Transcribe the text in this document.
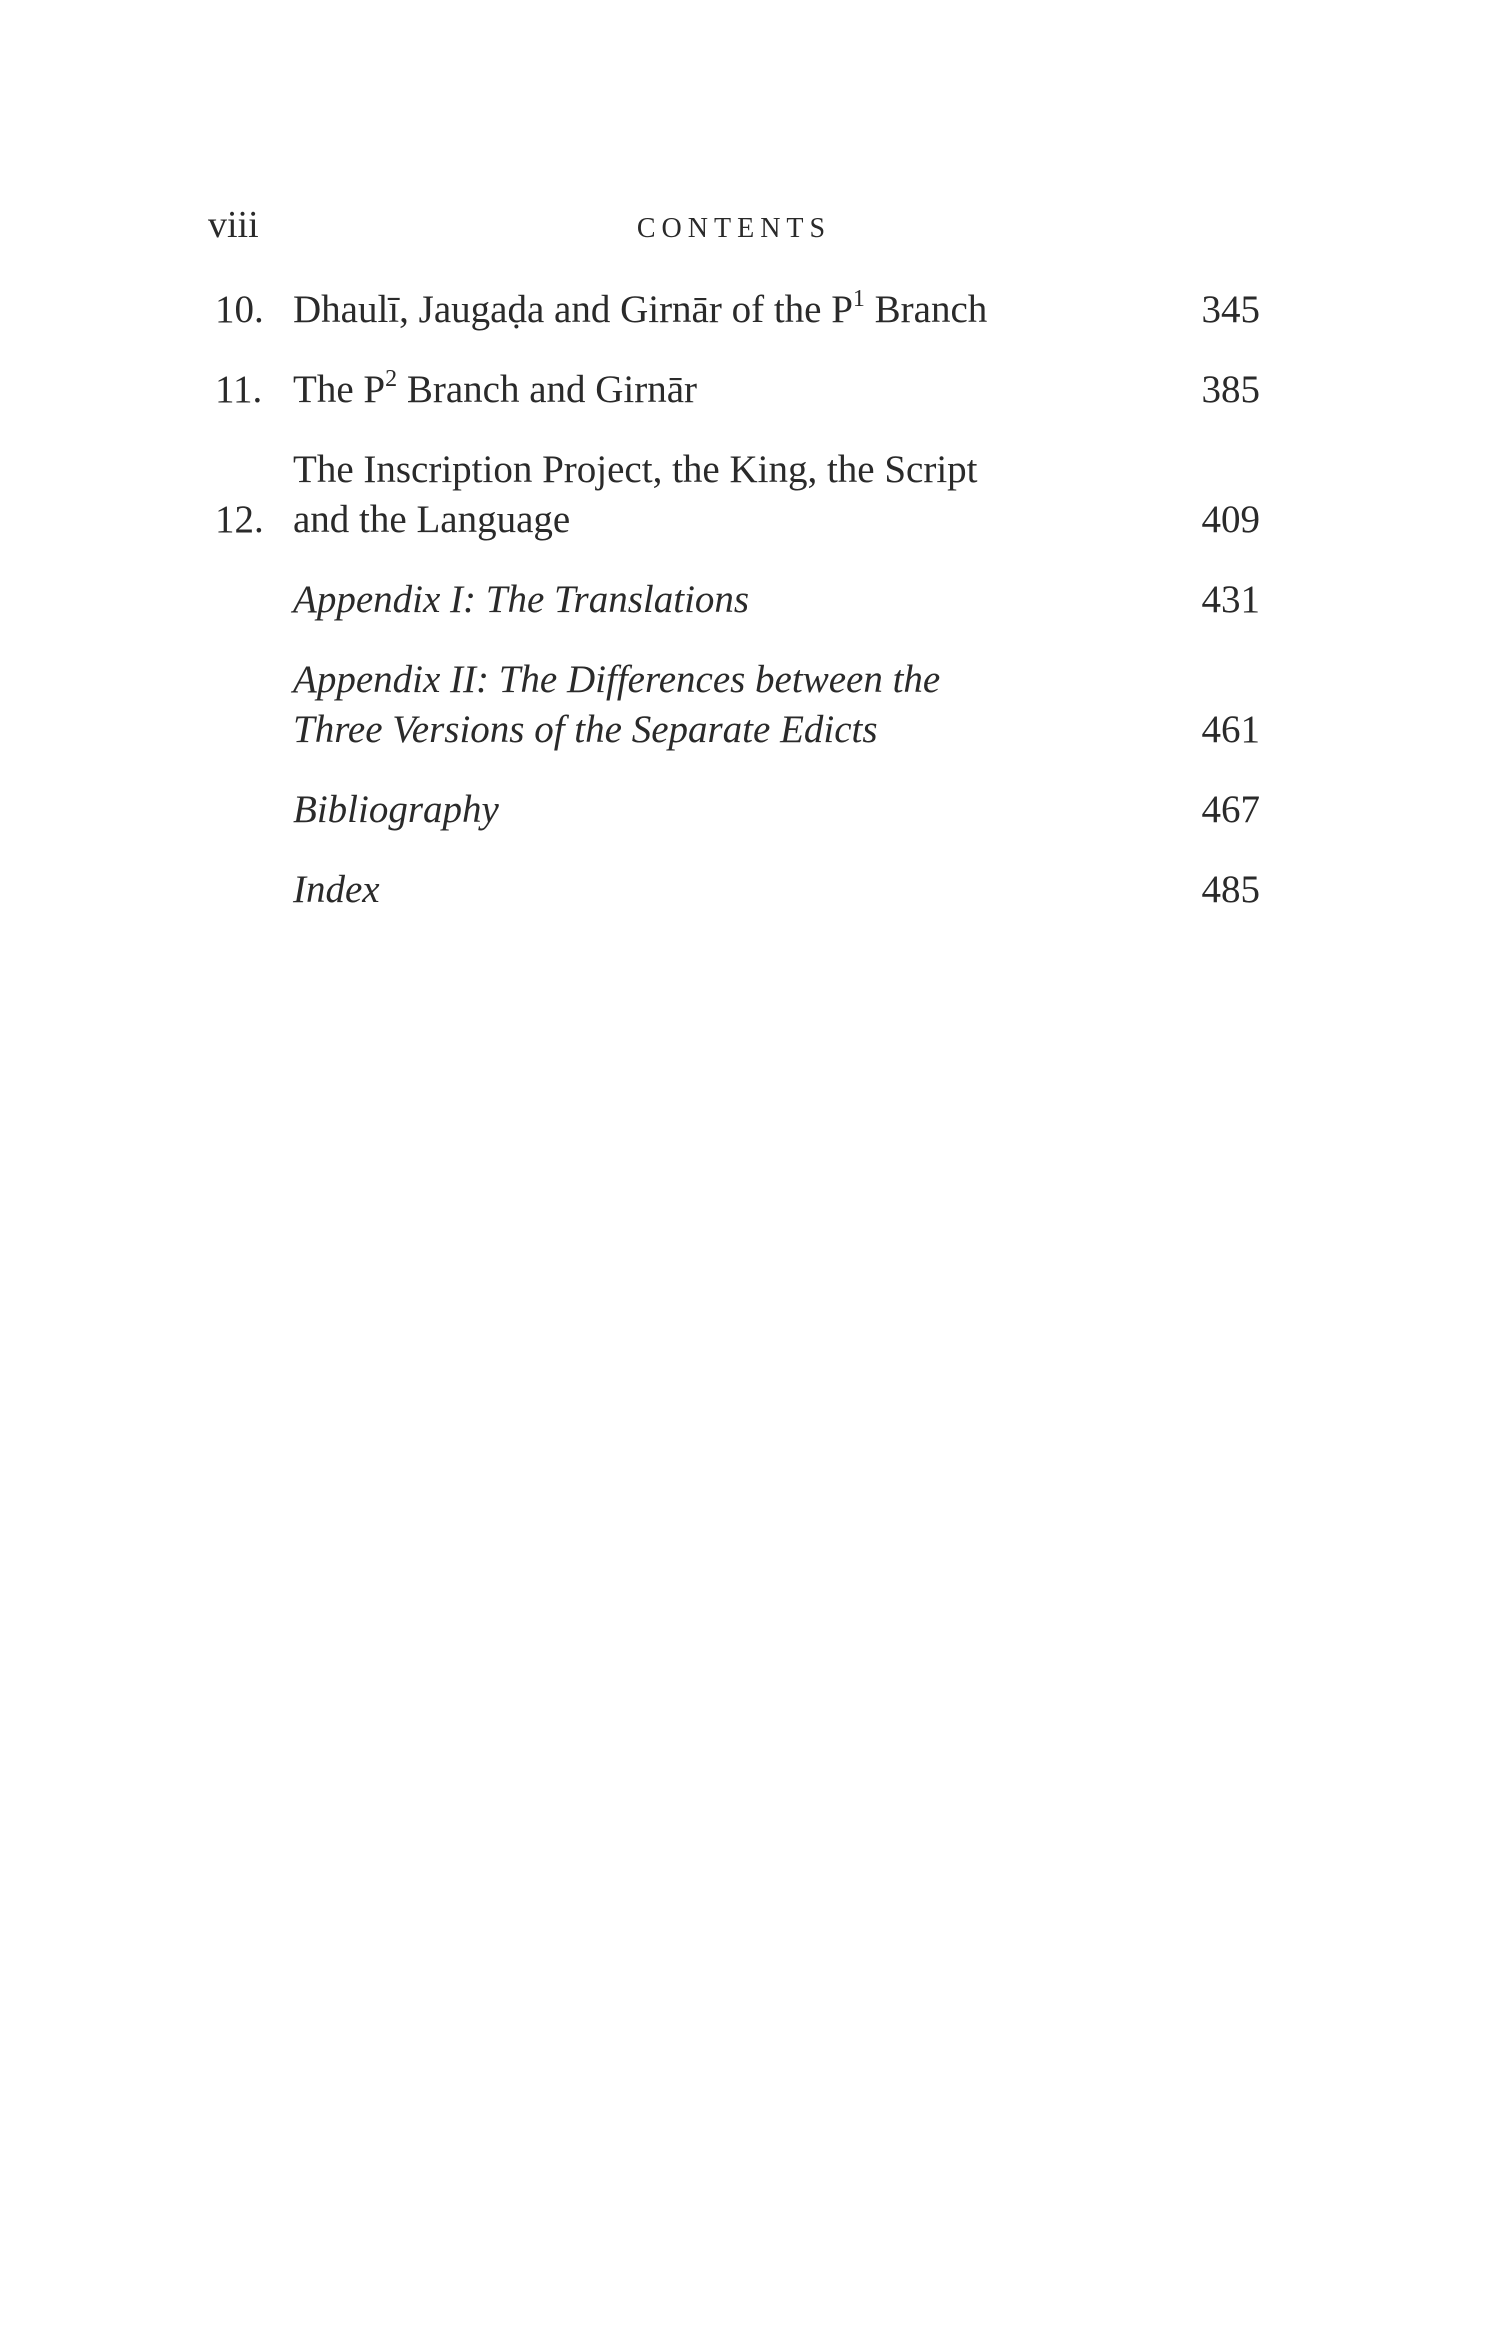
viii	CONTENTS
10. Dhaulī, Jaugaḍa and Girnār of the $P^1$ Branch	345
11. The $P^2$ Branch and Girnār	385
12.
The Inscription Project, the King, the Script
and the Language	409
Appendix I: The Translations	431
Appendix II: The Differences between the
Three Versions of the Separate Edicts	461
Bibliography	467
Index	485
